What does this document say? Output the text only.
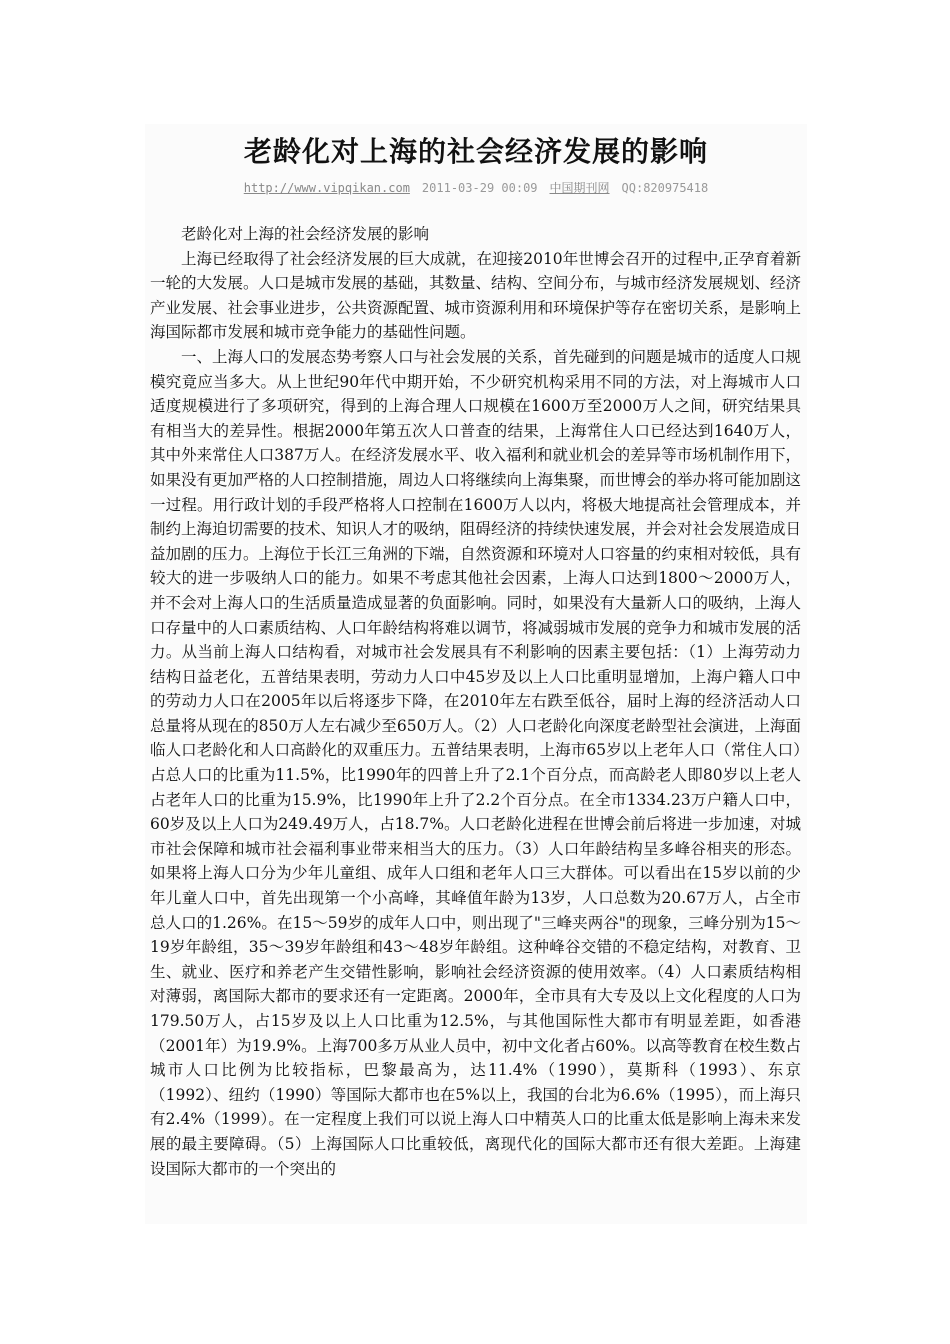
老龄化对上海的社会经济发展的影响
http://www.vipqikan.com 2011-03-29 00:09 中国期刊网 QQ:820975418

老龄化对上海的社会经济发展的影响

上海已经取得了社会经济发展的巨大成就，在迎接2010年世博会召开的过程中,正孕育着新一轮的大发展。人口是城市发展的基础，其数量、结构、空间分布，与城市经济发展规划、经济产业发展、社会事业进步，公共资源配置、城市资源利用和环境保护等存在密切关系，是影响上海国际都市发展和城市竞争能力的基础性问题。

一、上海人口的发展态势考察人口与社会发展的关系，首先碰到的问题是城市的适度人口规模究竟应当多大。从上世纪90年代中期开始，不少研究机构采用不同的方法，对上海城市人口适度规模进行了多项研究，得到的上海合理人口规模在1600万至2000万人之间，研究结果具有相当大的差异性。根据2000年第五次人口普查的结果，上海常住人口已经达到1640万人，其中外来常住人口387万人。在经济发展水平、收入福利和就业机会的差异等市场机制作用下，如果没有更加严格的人口控制措施，周边人口将继续向上海集聚，而世博会的举办将可能加剧这一过程。用行政计划的手段严格将人口控制在1600万人以内，将极大地提高社会管理成本，并制约上海迫切需要的技术、知识人才的吸纳，阻碍经济的持续快速发展，并会对社会发展造成日益加剧的压力。上海位于长江三角洲的下端，自然资源和环境对人口容量的约束相对较低，具有较大的进一步吸纳人口的能力。如果不考虑其他社会因素，上海人口达到1800～2000万人，并不会对上海人口的生活质量造成显著的负面影响。同时，如果没有大量新人口的吸纳，上海人口存量中的人口素质结构、人口年龄结构将难以调节，将减弱城市发展的竞争力和城市发展的活力。从当前上海人口结构看，对城市社会发展具有不利影响的因素主要包括：（1）上海劳动力结构日益老化，五普结果表明，劳动力人口中45岁及以上人口比重明显增加，上海户籍人口中的劳动力人口在2005年以后将逐步下降，在2010年左右跌至低谷，届时上海的经济活动人口总量将从现在的850万人左右减少至650万人。（2）人口老龄化向深度老龄型社会演进，上海面临人口老龄化和人口高龄化的双重压力。五普结果表明，上海市65岁以上老年人口（常住人口）占总人口的比重为11.5%，比1990年的四普上升了2.1个百分点，而高龄老人即80岁以上老人占老年人口的比重为15.9%，比1990年上升了2.2个百分点。在全市1334.23万户籍人口中，60岁及以上人口为249.49万人，占18.7%。人口老龄化进程在世博会前后将进一步加速，对城市社会保障和城市社会福利事业带来相当大的压力。（3）人口年龄结构呈多峰谷相夹的形态。如果将上海人口分为少年儿童组、成年人口组和老年人口三大群体。可以看出在15岁以前的少年儿童人口中，首先出现第一个小高峰，其峰值年龄为13岁，人口总数为20.67万人，占全市总人口的1.26%。在15～59岁的成年人口中，则出现了"三峰夹两谷"的现象，三峰分别为15～19岁年龄组，35～39岁年龄组和43～48岁年龄组。这种峰谷交错的不稳定结构，对教育、卫生、就业、医疗和养老产生交错性影响，影响社会经济资源的使用效率。（4）人口素质结构相对薄弱，离国际大都市的要求还有一定距离。2000年，全市具有大专及以上文化程度的人口为179.50万人，占15岁及以上人口比重为12.5%，与其他国际性大都市有明显差距，如香港（2001年）为19.9%。上海700多万从业人员中，初中文化者占60%。以高等教育在校生数占城市人口比例为比较指标，巴黎最高为，达11.4%（1990），莫斯科（1993）、东京（1992）、纽约（1990）等国际大都市也在5%以上，我国的台北为6.6%（1995），而上海只有2.4%（1999）。在一定程度上我们可以说上海人口中精英人口的比重太低是影响上海未来发展的最主要障碍。（5）上海国际人口比重较低，离现代化的国际大都市还有很大差距。上海建设国际大都市的一个突出的
